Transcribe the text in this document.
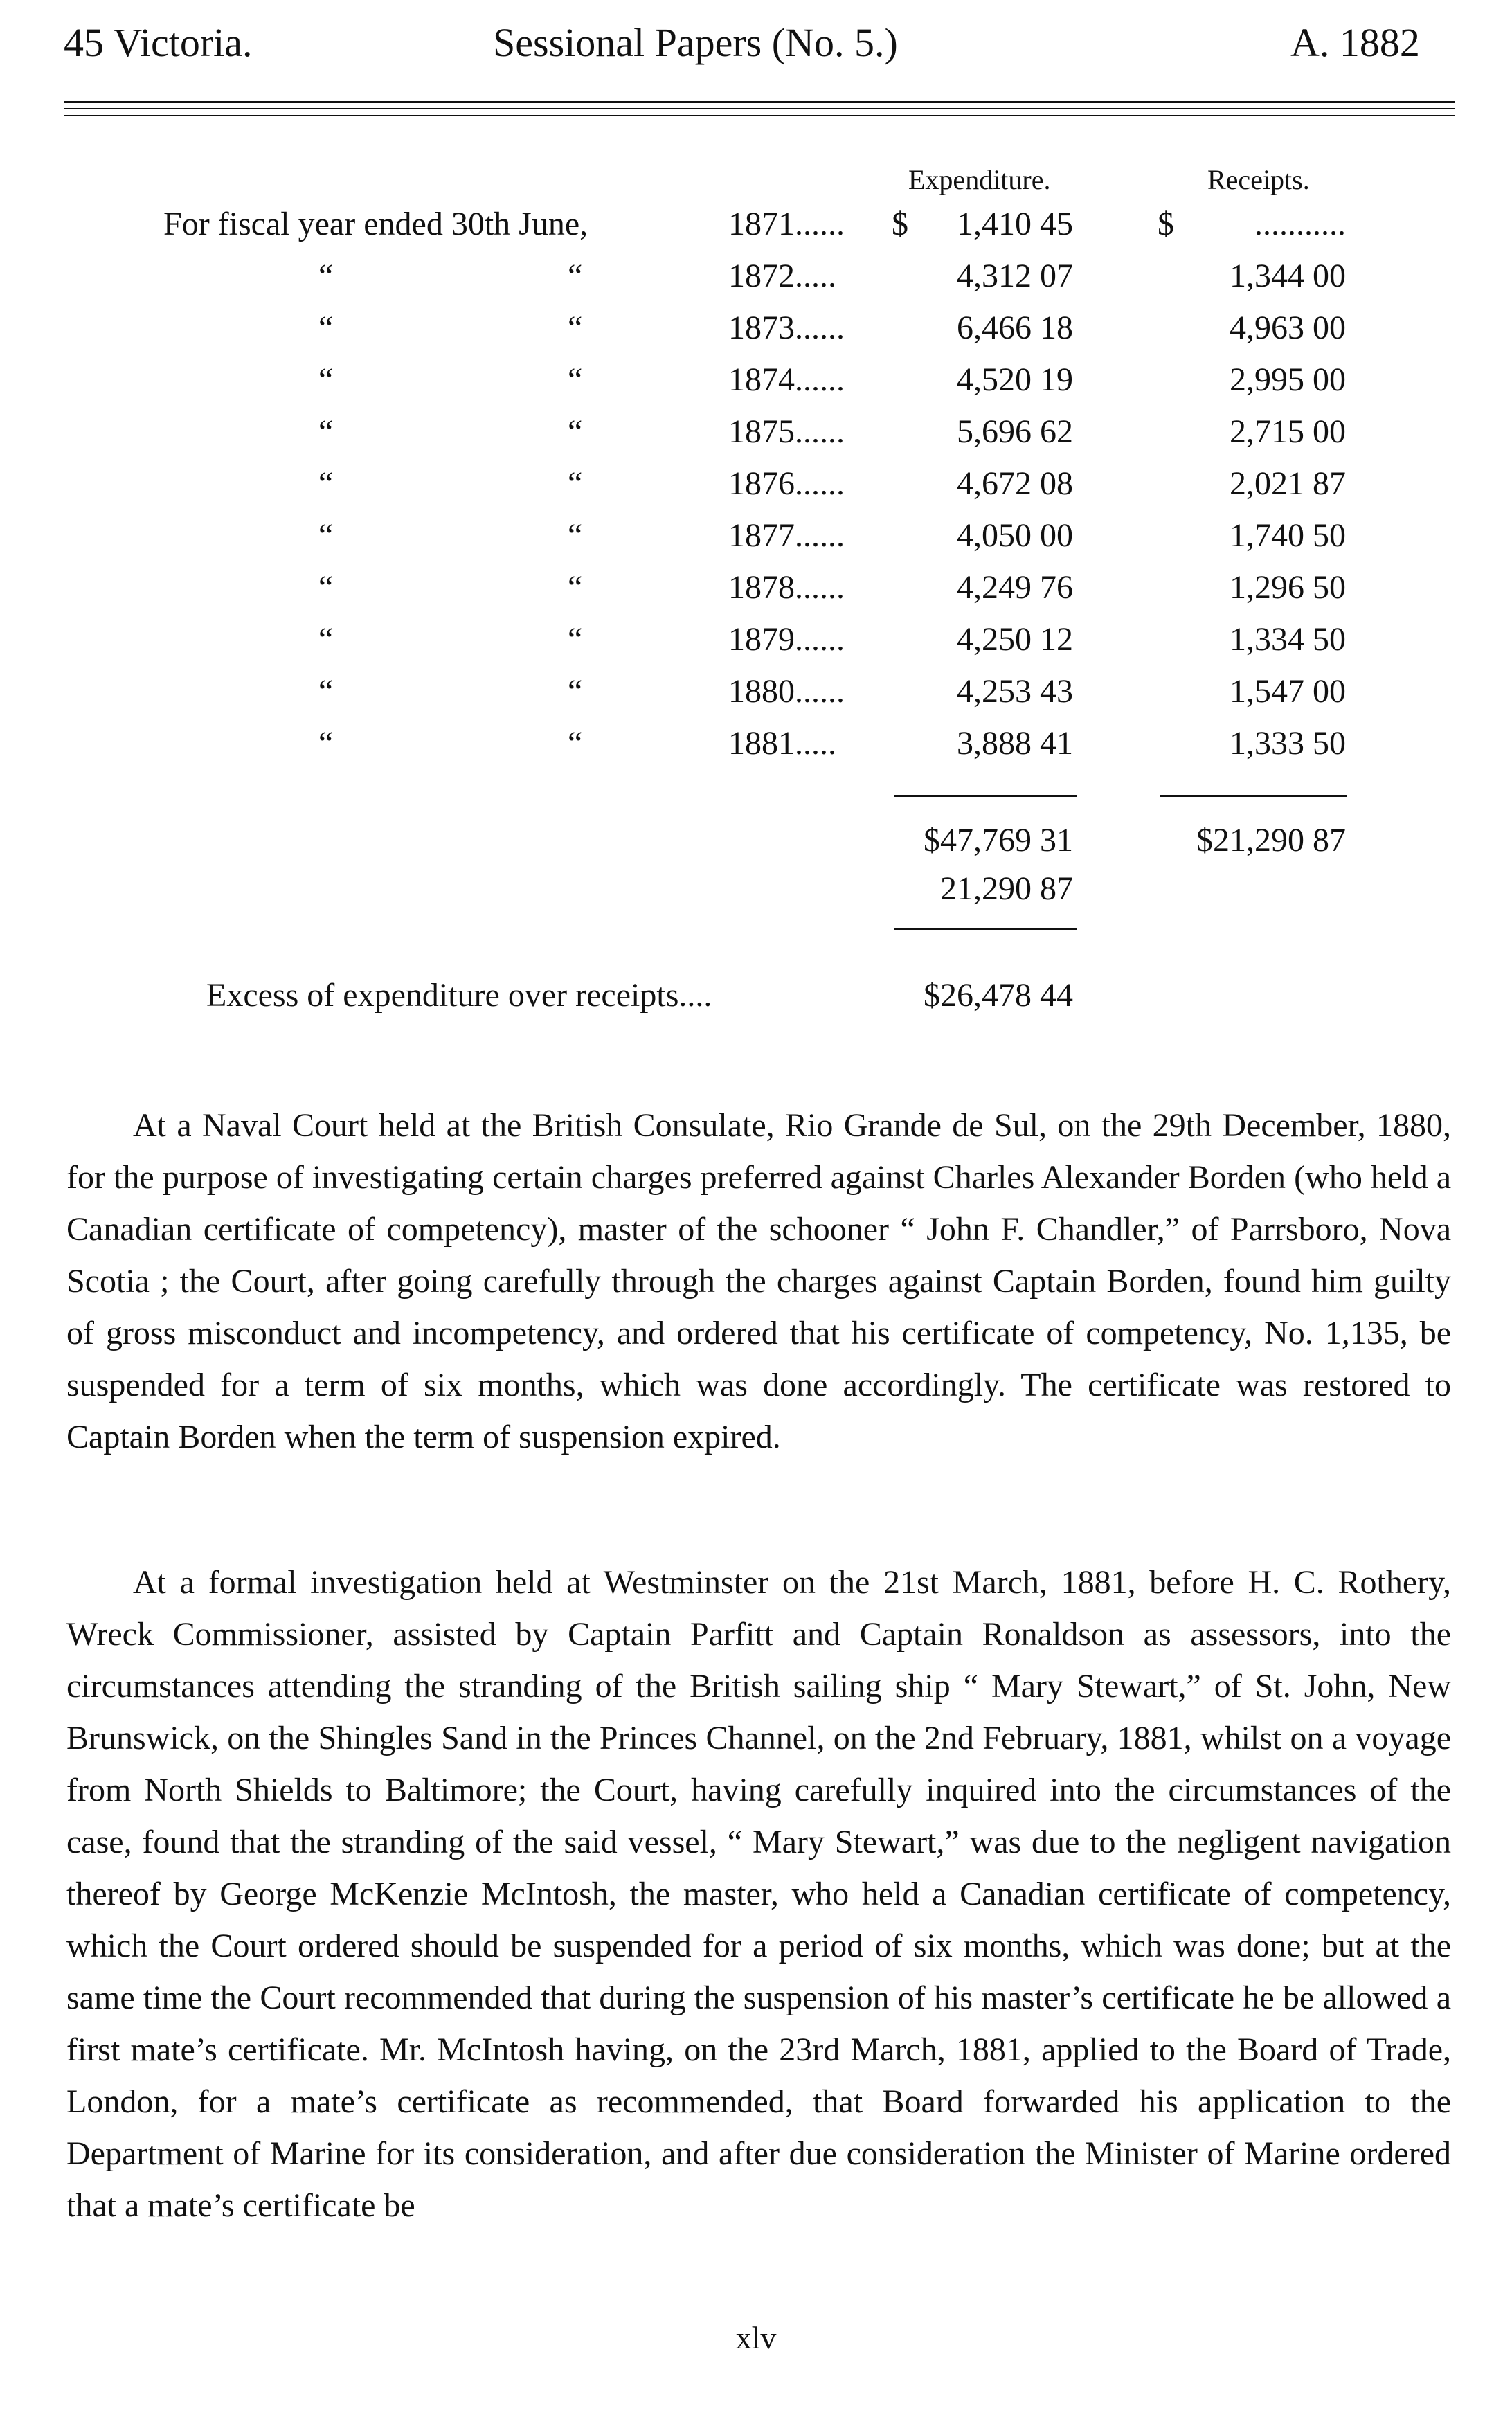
45 Victoria.	Sessional Papers (No. 5.)	A. 1882
Expenditure.	Receipts.
For fiscal year ended 30th June,	1871...... $ 1,410 45	$ ...........
“	“	1872.....	4,312 07	1,344 00
“	“	1873......	6,466 18	4,963 00
“	“	1874......	4,520 19	2,995 00
“	“	1875......	5,696 62	2,715 00
“	“	1876......	4,672 08	2,021 87
“	“	1877......	4,050 00	1,740 50
“	“	1878......	4,249 76	1,296 50
“	“	1879......	4,250 12	1,334 50
“	“	1880......	4,253 43	1,547 00
“	“	1881.....	3,888 41	1,333 50
$47,769 31	$21,290 87
21,290 87
Excess of expenditure over receipts....	$26,478 44

At a Naval Court held at the British Consulate, Rio Grande de Sul, on the 29th December, 1880, for the purpose of investigating certain charges preferred against Charles Alexander Borden (who held a Canadian certificate of competency), master of the schooner “ John F. Chandler,” of Parrsboro, Nova Scotia ; the Court, after going carefully through the charges against Captain Borden, found him guilty of gross misconduct and incompetency, and ordered that his certificate of competency, No. 1,135, be suspended for a term of six months, which was done accordingly. The certificate was restored to Captain Borden when the term of suspension expired.

At a formal investigation held at Westminster on the 21st March, 1881, before H. C. Rothery, Wreck Commissioner, assisted by Captain Parfitt and Captain Ronaldson as assessors, into the circumstances attending the stranding of the British sailing ship “ Mary Stewart,” of St. John, New Brunswick, on the Shingles Sand in the Princes Channel, on the 2nd February, 1881, whilst on a voyage from North Shields to Baltimore; the Court, having carefully inquired into the circumstances of the case, found that the stranding of the said vessel, “ Mary Stewart,” was due to the negligent navigation thereof by George McKenzie McIntosh, the master, who held a Canadian certificate of competency, which the Court ordered should be suspended for a period of six months, which was done; but at the same time the Court recommended that during the suspension of his master’s certificate he be allowed a first mate’s certificate. Mr. McIntosh having, on the 23rd March, 1881, applied to the Board of Trade, London, for a mate’s certificate as recommended, that Board forwarded his application to the Department of Marine for its consideration, and after due consideration the Minister of Marine ordered that a mate’s certificate be

xlv
